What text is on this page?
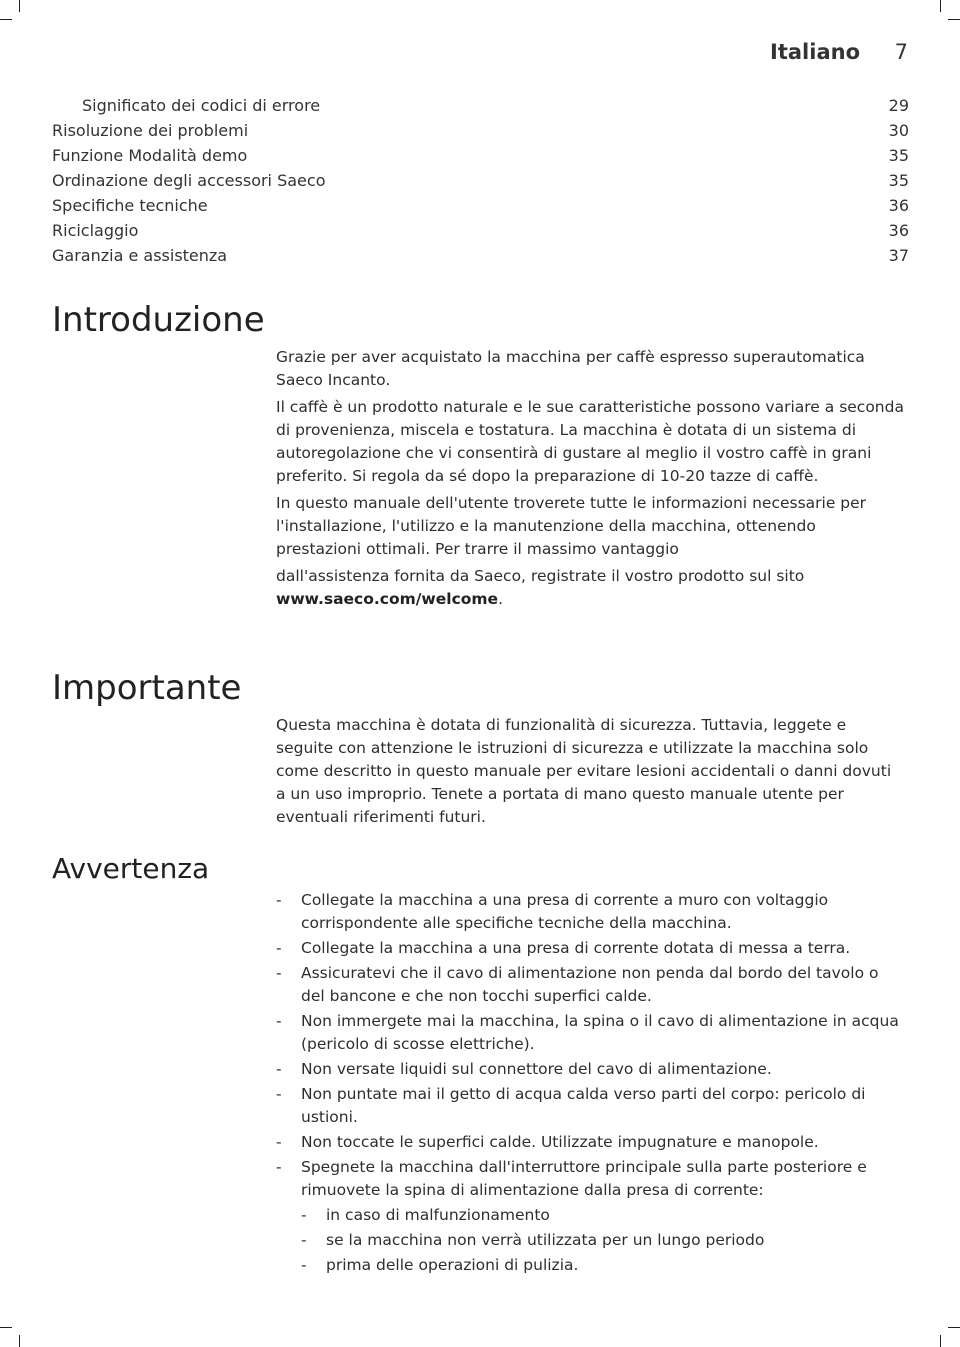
Italiano	7
Significato dei codici di errore	29
Risoluzione dei problemi	30
Funzione Modalità demo	35
Ordinazione degli accessori Saeco	35
Specifiche tecniche	36
Riciclaggio	36
Garanzia e assistenza	37
Introduzione

Grazie per aver acquistato la macchina per caffè espresso superautomatica Saeco Incanto.

Il caffè è un prodotto naturale e le sue caratteristiche possono variare a seconda di provenienza, miscela e tostatura. La macchina è dotata di un sistema di autoregolazione che vi consentirà di gustare al meglio il vostro caffè in grani preferito. Si regola da sé dopo la preparazione di 10-20 tazze di caffè.

In questo manuale dell'utente troverete tutte le informazioni necessarie per l'installazione, l'utilizzo e la manutenzione della macchina, ottenendo prestazioni ottimali. Per trarre il massimo vantaggio

dall'assistenza fornita da Saeco, registrate il vostro prodotto sul sito www.saeco.com/welcome.

Importante

Questa macchina è dotata di funzionalità di sicurezza. Tuttavia, leggete e seguite con attenzione le istruzioni di sicurezza e utilizzate la macchina solo come descritto in questo manuale per evitare lesioni accidentali o danni dovuti a un uso improprio. Tenete a portata di mano questo manuale utente per eventuali riferimenti futuri.

Avvertenza
- Collegate la macchina a una presa di corrente a muro con voltaggio corrispondente alle specifiche tecniche della macchina.
- Collegate la macchina a una presa di corrente dotata di messa a terra.
- Assicuratevi che il cavo di alimentazione non penda dal bordo del tavolo o del bancone e che non tocchi superfici calde.
- Non immergete mai la macchina, la spina o il cavo di alimentazione in acqua (pericolo di scosse elettriche).
- Non versate liquidi sul connettore del cavo di alimentazione.
- Non puntate mai il getto di acqua calda verso parti del corpo: pericolo di ustioni.
- Non toccate le superfici calde. Utilizzate impugnature e manopole.
- Spegnete la macchina dall'interruttore principale sulla parte posteriore e rimuovete la spina di alimentazione dalla presa di corrente:
- in caso di malfunzionamento
- se la macchina non verrà utilizzata per un lungo periodo
- prima delle operazioni di pulizia.
